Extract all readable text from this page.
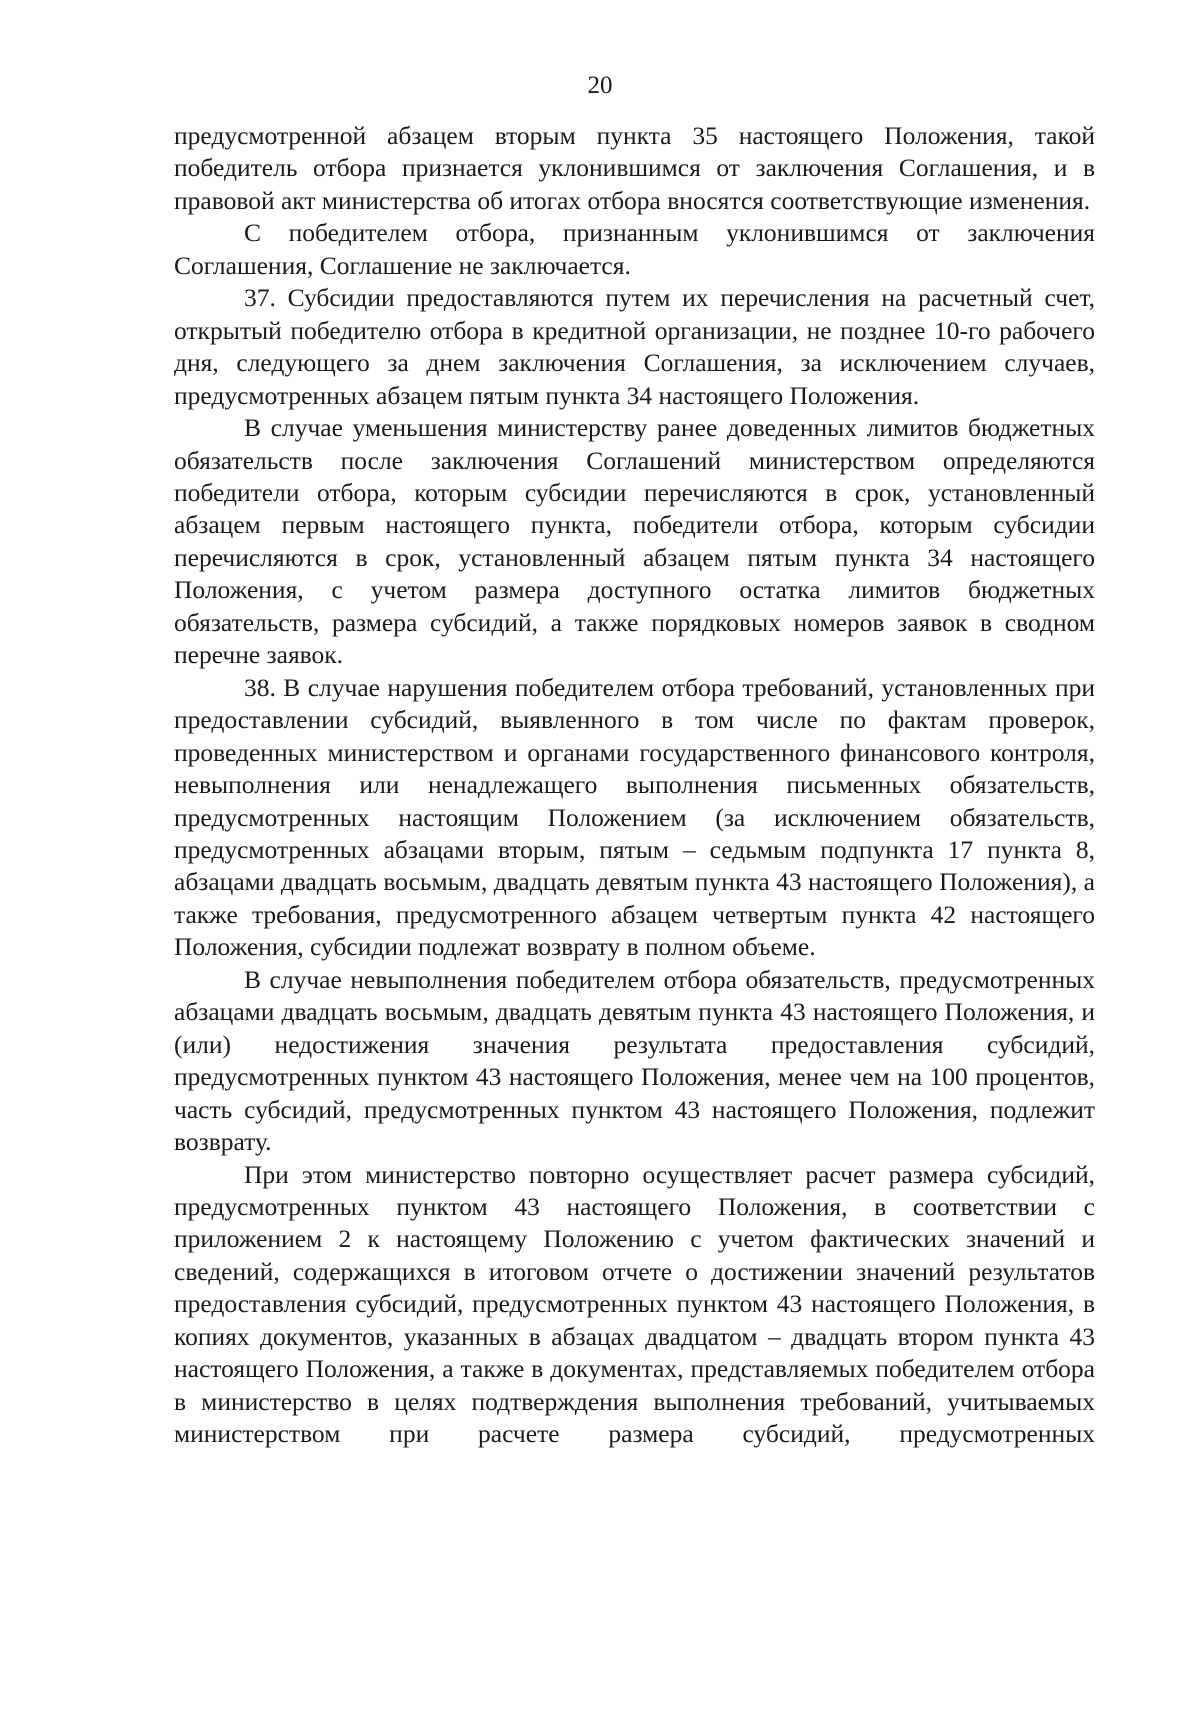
20

предусмотренной абзацем вторым пункта 35 настоящего Положения, такой победитель отбора признается уклонившимся от заключения Соглашения, и в правовой акт министерства об итогах отбора вносятся соответствующие изменения.

С победителем отбора, признанным уклонившимся от заключения Соглашения, Соглашение не заключается.

37. Субсидии предоставляются путем их перечисления на расчетный счет, открытый победителю отбора в кредитной организации, не позднее 10-го рабочего дня, следующего за днем заключения Соглашения, за исключением случаев, предусмотренных абзацем пятым пункта 34 настоящего Положения.

В случае уменьшения министерству ранее доведенных лимитов бюджетных обязательств после заключения Соглашений министерством определяются победители отбора, которым субсидии перечисляются в срок, установленный абзацем первым настоящего пункта, победители отбора, которым субсидии перечисляются в срок, установленный абзацем пятым пункта 34 настоящего Положения, с учетом размера доступного остатка лимитов бюджетных обязательств, размера субсидий, а также порядковых номеров заявок в сводном перечне заявок.

38. В случае нарушения победителем отбора требований, установленных при предоставлении субсидий, выявленного в том числе по фактам проверок, проведенных министерством и органами государственного финансового контроля, невыполнения или ненадлежащего выполнения письменных обязательств, предусмотренных настоящим Положением (за исключением обязательств, предусмотренных абзацами вторым, пятым – седьмым подпункта 17 пункта 8, абзацами двадцать восьмым, двадцать девятым пункта 43 настоящего Положения), а также требования, предусмотренного абзацем четвертым пункта 42 настоящего Положения, субсидии подлежат возврату в полном объеме.

В случае невыполнения победителем отбора обязательств, предусмотренных абзацами двадцать восьмым, двадцать девятым пункта 43 настоящего Положения, и (или) недостижения значения результата предоставления субсидий, предусмотренных пунктом 43 настоящего Положения, менее чем на 100 процентов, часть субсидий, предусмотренных пунктом 43 настоящего Положения, подлежит возврату.

При этом министерство повторно осуществляет расчет размера субсидий, предусмотренных пунктом 43 настоящего Положения, в соответствии с приложением 2 к настоящему Положению с учетом фактических значений и сведений, содержащихся в итоговом отчете о достижении значений результатов предоставления субсидий, предусмотренных пунктом 43 настоящего Положения, в копиях документов, указанных в абзацах двадцатом – двадцать втором пункта 43 настоящего Положения, а также в документах, представляемых победителем отбора в министерство в целях подтверждения выполнения требований, учитываемых министерством при расчете размера субсидий, предусмотренных
